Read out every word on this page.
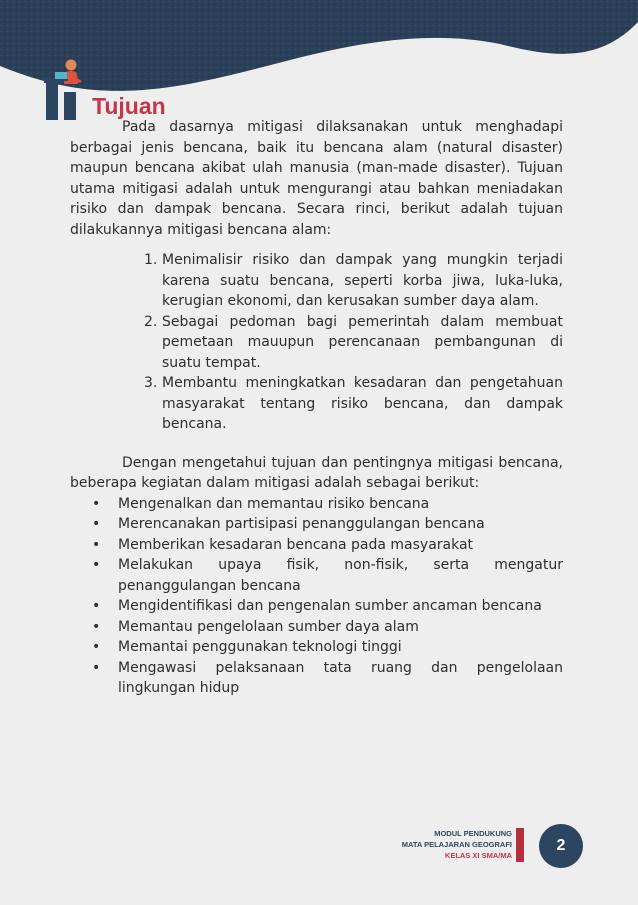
Tujuan

Pada dasarnya mitigasi dilaksanakan untuk menghadapi berbagai jenis bencana, baik itu bencana alam (natural disaster) maupun bencana akibat ulah manusia (man-made disaster). Tujuan utama mitigasi adalah untuk mengurangi atau bahkan meniadakan risiko dan dampak bencana. Secara rinci, berikut adalah tujuan dilakukannya mitigasi bencana alam:

1. Menimalisir risiko dan dampak yang mungkin terjadi karena suatu bencana, seperti korba jiwa, luka-luka, kerugian ekonomi, dan kerusakan sumber daya alam.
2. Sebagai pedoman bagi pemerintah dalam membuat pemetaan mauupun perencanaan pembangunan di suatu tempat.
3. Membantu meningkatkan kesadaran dan pengetahuan masyarakat tentang risiko bencana, dan dampak bencana.

Dengan mengetahui tujuan dan pentingnya mitigasi bencana, beberapa kegiatan dalam mitigasi adalah sebagai berikut:

•	Mengenalkan dan memantau risiko bencana
•	Merencanakan partisipasi penanggulangan bencana
•	Memberikan kesadaran bencana pada masyarakat
•	Melakukan upaya fisik, non-fisik, serta mengatur penanggulangan bencana
•	Mengidentifikasi dan pengenalan sumber ancaman bencana
•	Memantau pengelolaan sumber daya alam
•	Memantai penggunakan teknologi tinggi
•	Mengawasi pelaksanaan tata ruang dan pengelolaan lingkungan hidup
MODUL PENDUKUNG
MATA PELAJARAN GEOGRAFI
KELAS XI SMA/MA
2
